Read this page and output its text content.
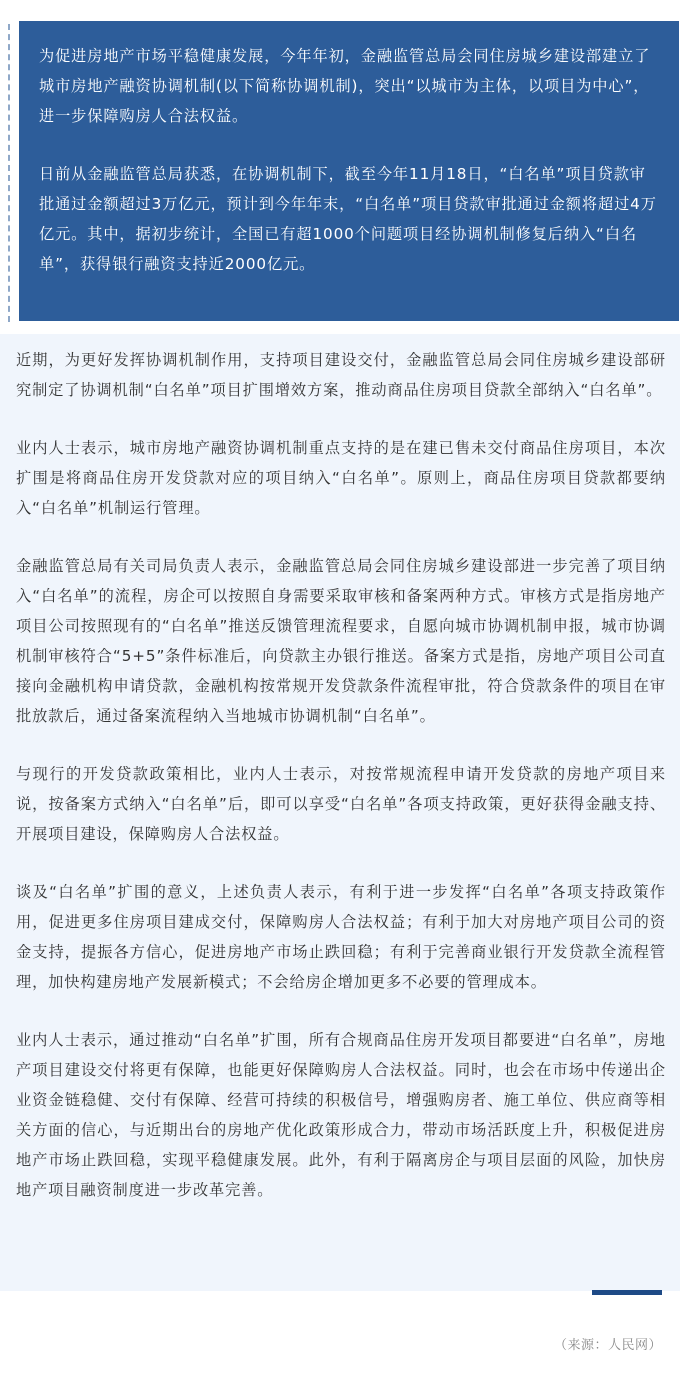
为促进房地产市场平稳健康发展，今年年初，金融监管总局会同住房城乡建设部建立了城市房地产融资协调机制(以下简称协调机制)，突出“以城市为主体，以项目为中心”，进一步保障购房人合法权益。

日前从金融监管总局获悉，在协调机制下，截至今年11月18日，“白名单”项目贷款审批通过金额超过3万亿元，预计到今年年末，“白名单”项目贷款审批通过金额将超过4万亿元。其中，据初步统计，全国已有超1000个问题项目经协调机制修复后纳入“白名单”，获得银行融资支持近2000亿元。

近期，为更好发挥协调机制作用，支持项目建设交付，金融监管总局会同住房城乡建设部研究制定了协调机制“白名单”项目扩围增效方案，推动商品住房项目贷款全部纳入“白名单”。

业内人士表示，城市房地产融资协调机制重点支持的是在建已售未交付商品住房项目，本次扩围是将商品住房开发贷款对应的项目纳入“白名单”。原则上，商品住房项目贷款都要纳入“白名单”机制运行管理。

金融监管总局有关司局负责人表示，金融监管总局会同住房城乡建设部进一步完善了项目纳入“白名单”的流程，房企可以按照自身需要采取审核和备案两种方式。审核方式是指房地产项目公司按照现有的“白名单”推送反馈管理流程要求，自愿向城市协调机制申报，城市协调机制审核符合“5+5”条件标准后，向贷款主办银行推送。备案方式是指，房地产项目公司直接向金融机构申请贷款，金融机构按常规开发贷款条件流程审批，符合贷款条件的项目在审批放款后，通过备案流程纳入当地城市协调机制“白名单”。

与现行的开发贷款政策相比，业内人士表示，对按常规流程申请开发贷款的房地产项目来说，按备案方式纳入“白名单”后，即可以享受“白名单”各项支持政策，更好获得金融支持、开展项目建设，保障购房人合法权益。

谈及“白名单”扩围的意义，上述负责人表示，有利于进一步发挥“白名单”各项支持政策作用，促进更多住房项目建成交付，保障购房人合法权益；有利于加大对房地产项目公司的资金支持，提振各方信心，促进房地产市场止跌回稳；有利于完善商业银行开发贷款全流程管理，加快构建房地产发展新模式；不会给房企增加更多不必要的管理成本。

业内人士表示，通过推动“白名单”扩围，所有合规商品住房开发项目都要进“白名单”，房地产项目建设交付将更有保障，也能更好保障购房人合法权益。同时，也会在市场中传递出企业资金链稳健、交付有保障、经营可持续的积极信号，增强购房者、施工单位、供应商等相关方面的信心，与近期出台的房地产优化政策形成合力，带动市场活跃度上升，积极促进房地产市场止跌回稳，实现平稳健康发展。此外，有利于隔离房企与项目层面的风险，加快房地产项目融资制度进一步改革完善。

（来源：人民网）
